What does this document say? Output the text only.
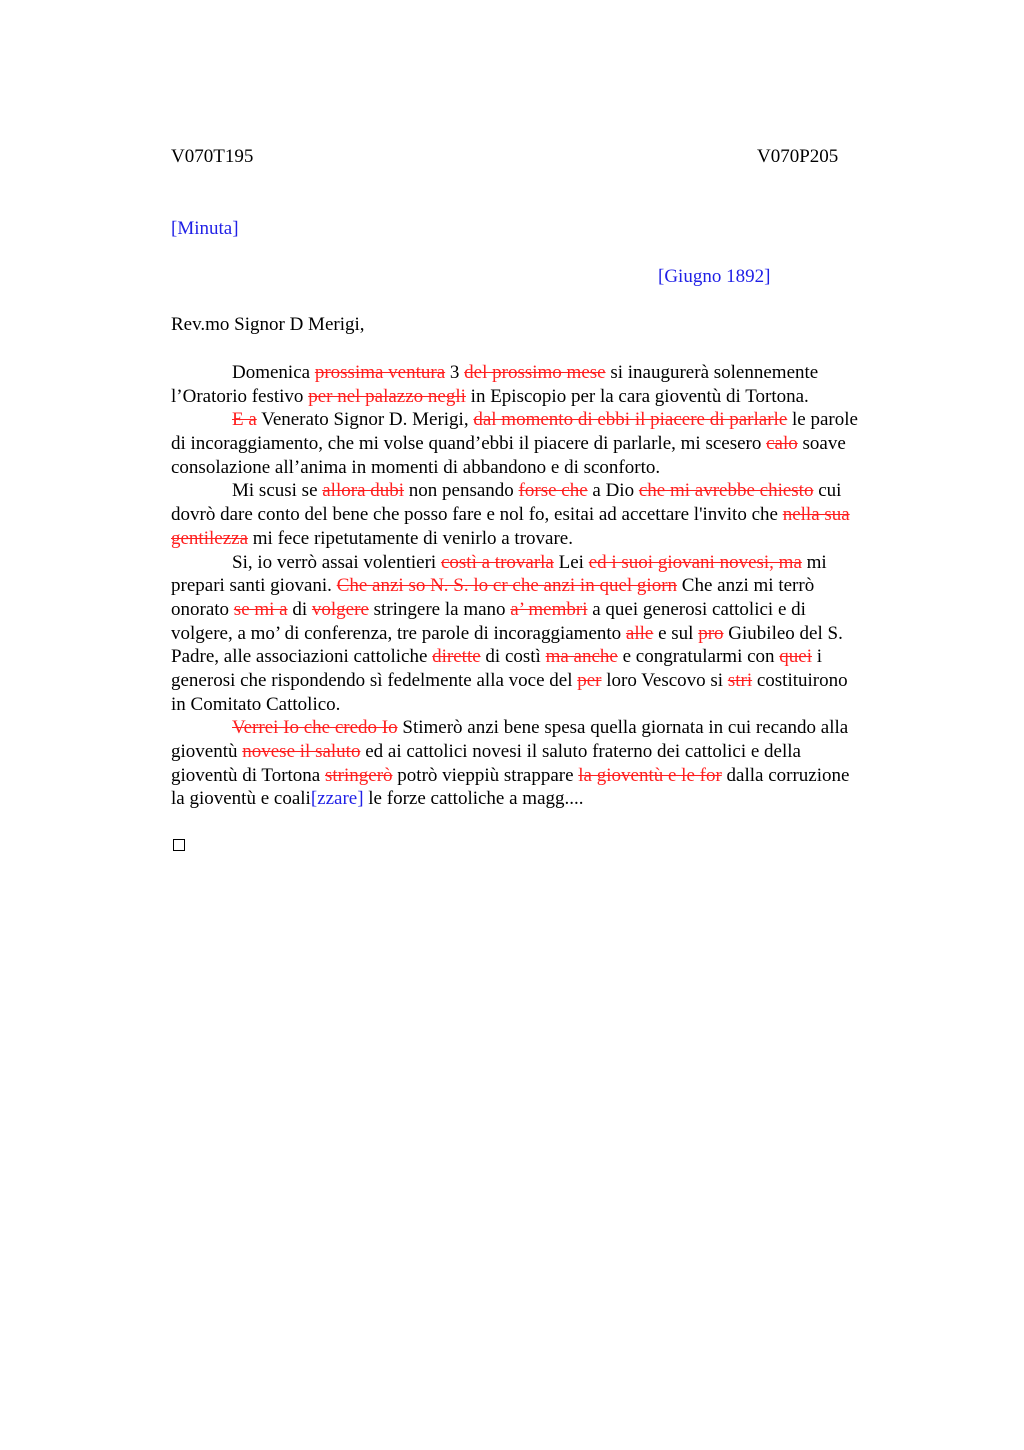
V070T195	V070P205
[Minuta]
[Giugno 1892]
Rev.mo Signor D Merigi,
Domenica prossima ventura 3 del prossimo mese si inaugurerà solennemente
l’Oratorio festivo per nel palazzo negli in Episcopio per la cara gioventù di Tortona.
E a Venerato Signor D. Merigi, dal momento di ebbi il piacere di parlarle le parole
di incoraggiamento, che mi volse quand’ebbi il piacere di parlarle, mi scesero calo soave
consolazione all’anima in momenti di abbandono e di sconforto.
Mi scusi se allora dubi non pensando forse che a Dio che mi avrebbe chiesto cui
dovrò dare conto del bene che posso fare e nol fo, esitai ad accettare l'invito che nella sua
gentilezza mi fece ripetutamente di venirlo a trovare.
Si, io verrò assai volentieri costì a trovarla Lei ed i suoi giovani novesi, ma mi
prepari santi giovani. Che anzi so N. S. lo cr che anzi in quel giorn Che anzi mi terrò
onorato se mi a di volgere stringere la mano a’ membri a quei generosi cattolici e di
volgere, a mo’ di conferenza, tre parole di incoraggiamento alle e sul pro Giubileo del S.
Padre, alle associazioni cattoliche dirette di costì ma anche e congratularmi con quei i
generosi che rispondendo sì fedelmente alla voce del per loro Vescovo si stri costituirono
in Comitato Cattolico.
Verrei Io che credo Io Stimerò anzi bene spesa quella giornata in cui recando alla
gioventù novese il saluto ed ai cattolici novesi il saluto fraterno dei cattolici e della
gioventù di Tortona stringerò potrò vieppiù strappare la gioventù e le for dalla corruzione
la gioventù e coali[zzare] le forze cattoliche a magg....
